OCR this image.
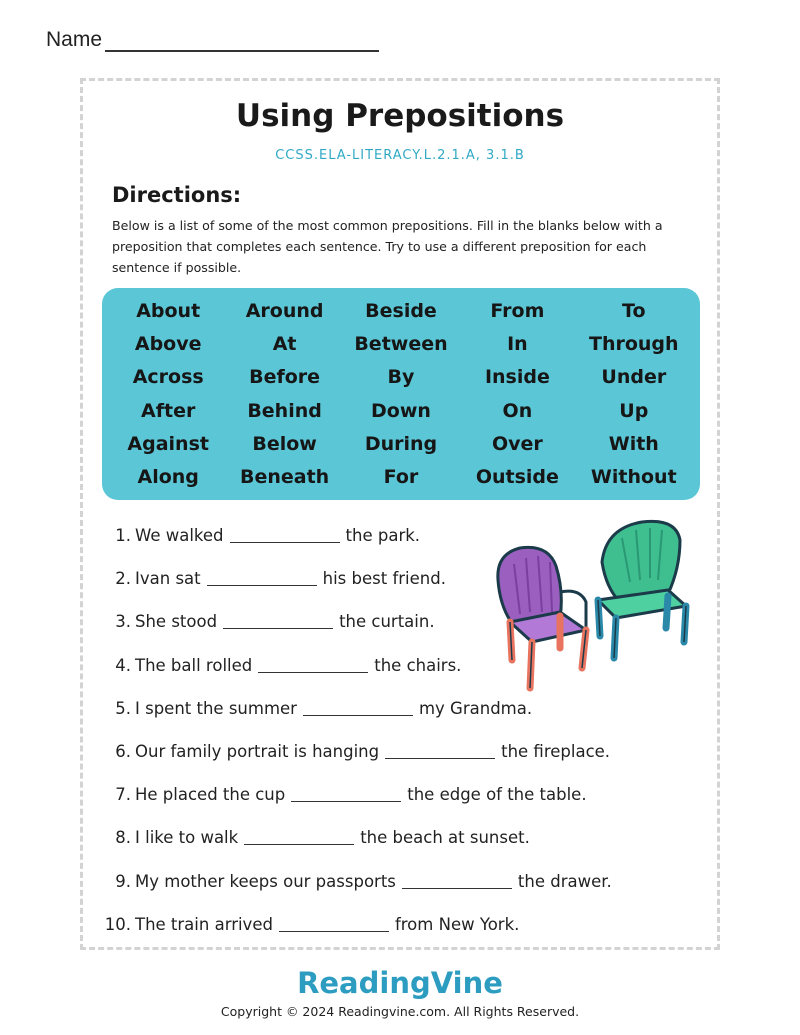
Name
Using Prepositions
CCSS.ELA-LITERACY.L.2.1.A, 3.1.B
Directions:
Below is a list of some of the most common prepositions. Fill in the blanks below with a preposition that completes each sentence. Try to use a different preposition for each sentence if possible.
About	Around	Beside	From	To
Above	At	Between	In	Through
Across	Before	By	Inside	Under
After	Behind	Down	On	Up
Against	Below	During	Over	With
Along	Beneath	For	Outside	Without
1. We walked	the park.
2. Ivan sat	his best friend.
3. She stood	the curtain.
4. The ball rolled	the chairs.
5. I spent the summer	my Grandma.
6. Our family portrait is hanging	the fireplace.
7. He placed the cup	the edge of the table.
8. I like to walk	the beach at sunset.
9. My mother keeps our passports	the drawer.
10. The train arrived	from New York.
ReadingVine
Copyright © 2024 Readingvine.com. All Rights Reserved.
